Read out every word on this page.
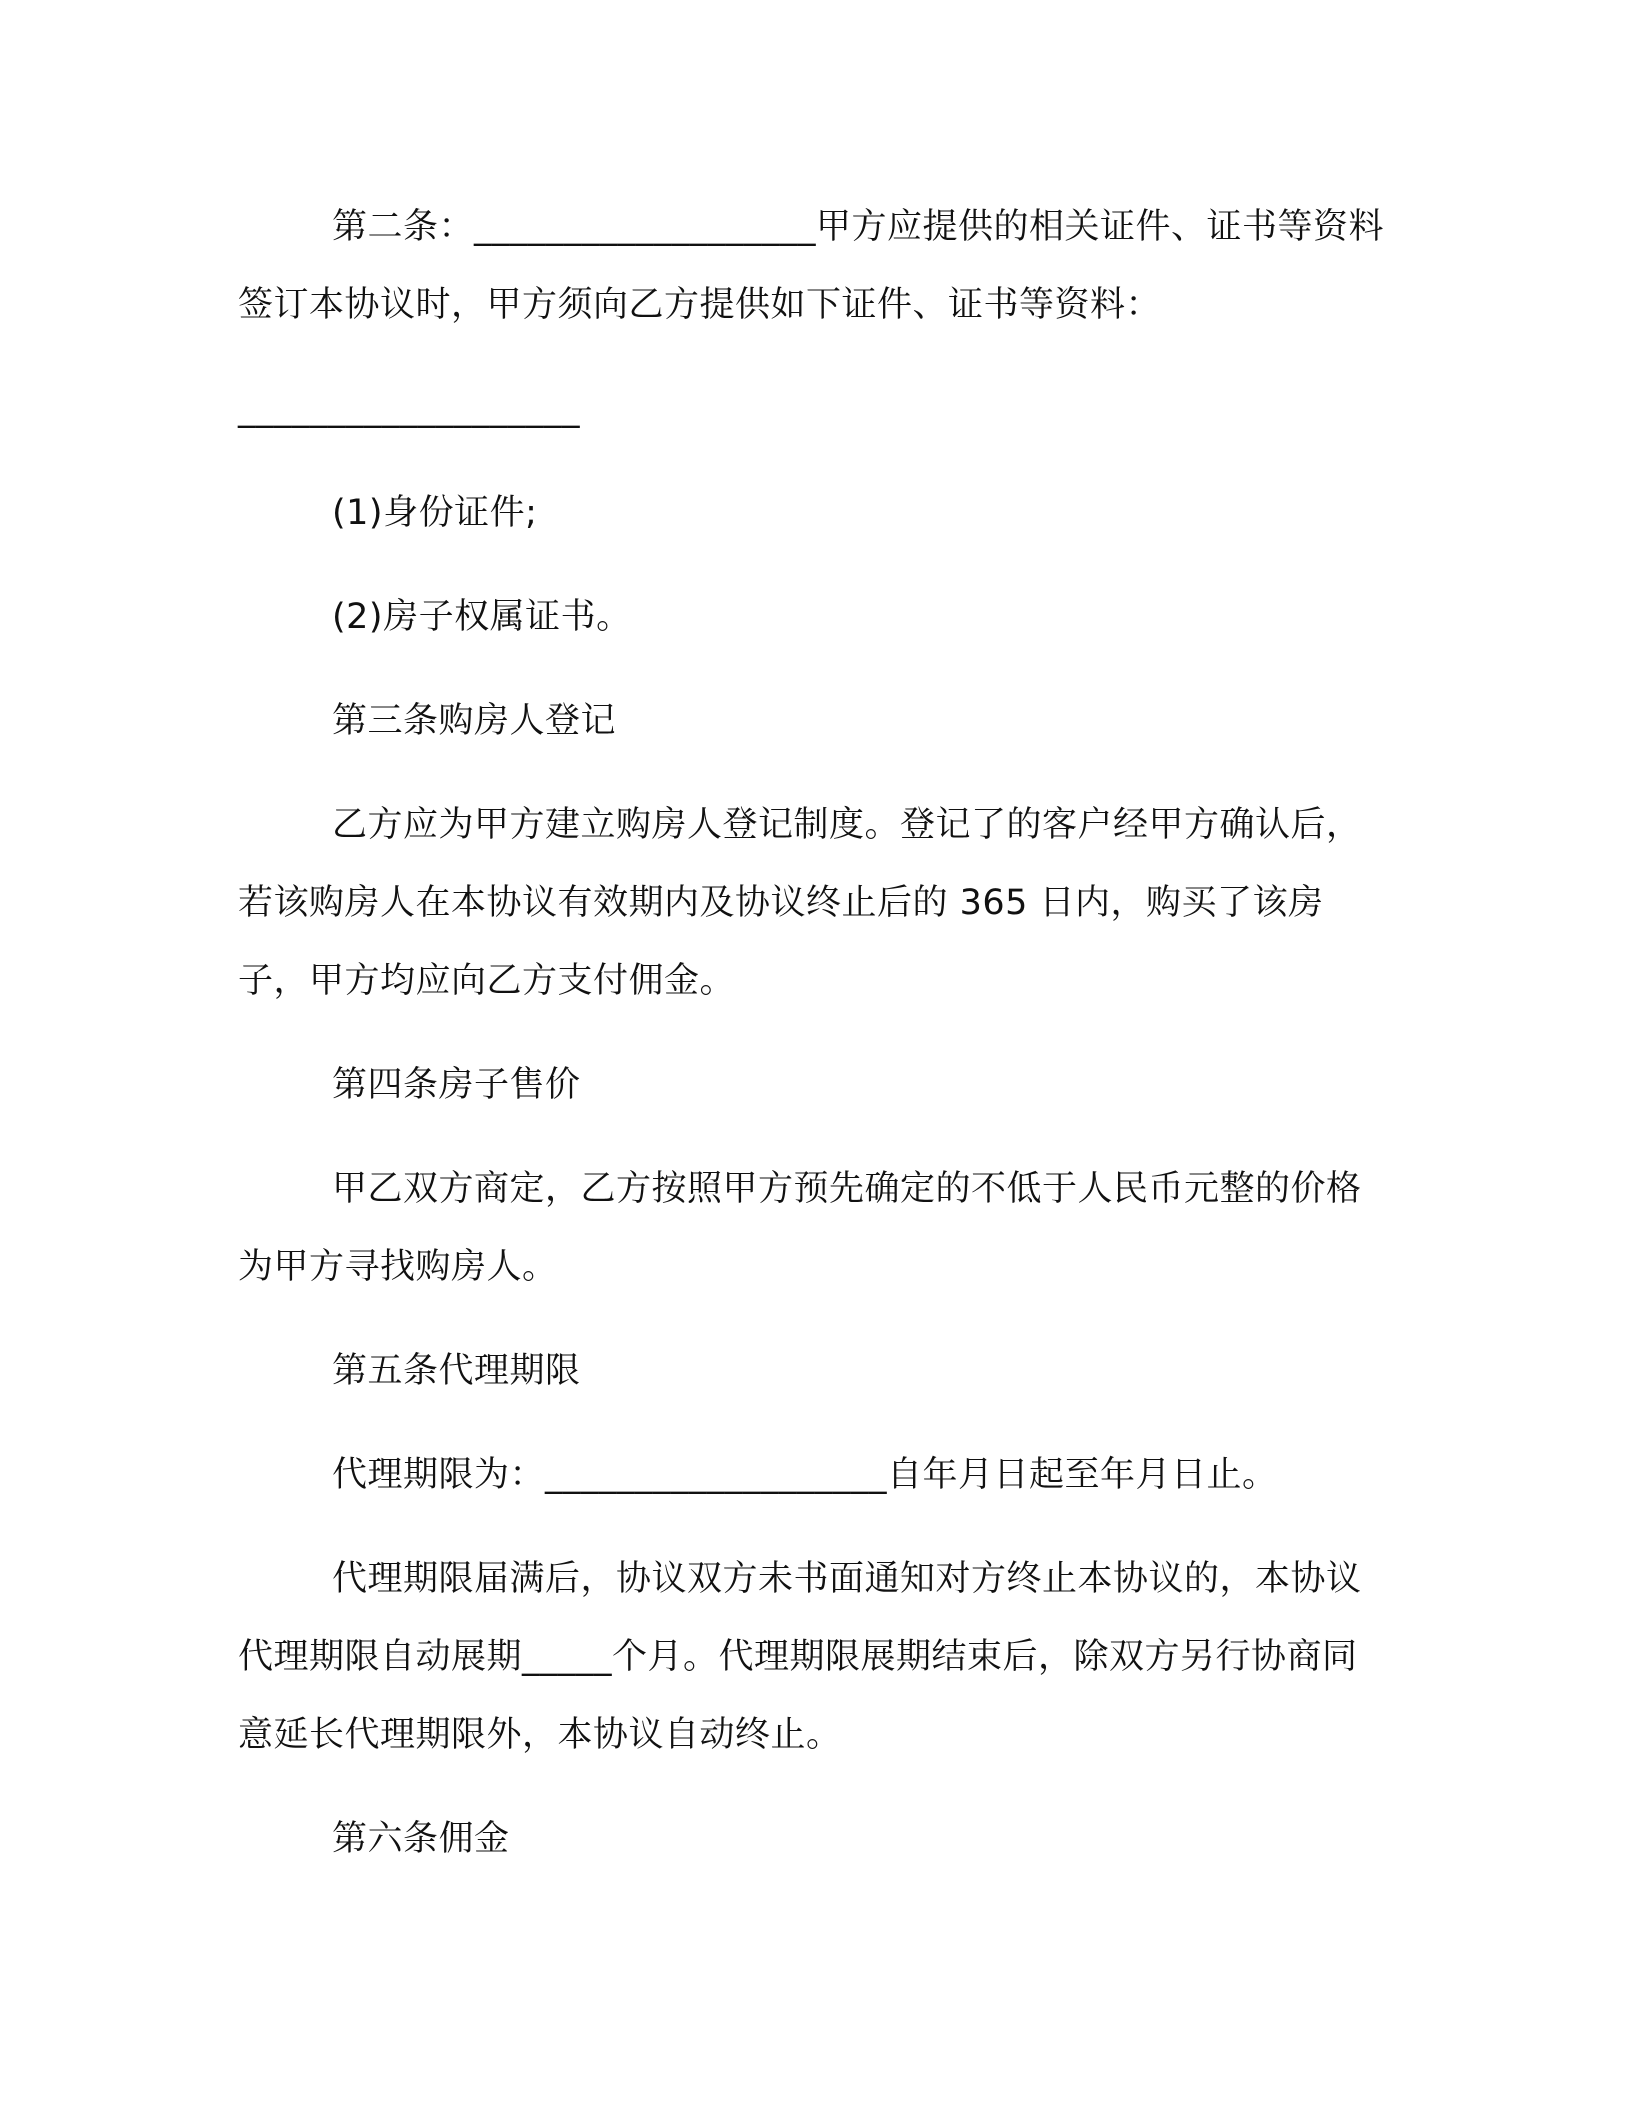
第二条：___________________甲方应提供的相关证件、证书等资料签订本协议时，甲方须向乙方提供如下证件、证书等资料：

___________________

(1)身份证件;

(2)房子权属证书。

第三条购房人登记

乙方应为甲方建立购房人登记制度。登记了的客户经甲方确认后，若该购房人在本协议有效期内及协议终止后的 365 日内，购买了该房子，甲方均应向乙方支付佣金。

第四条房子售价

甲乙双方商定，乙方按照甲方预先确定的不低于人民币元整的价格为甲方寻找购房人。

第五条代理期限

代理期限为：___________________自年月日起至年月日止。

代理期限届满后，协议双方未书面通知对方终止本协议的，本协议代理期限自动展期_____个月。代理期限展期结束后，除双方另行协商同意延长代理期限外，本协议自动终止。

第六条佣金
